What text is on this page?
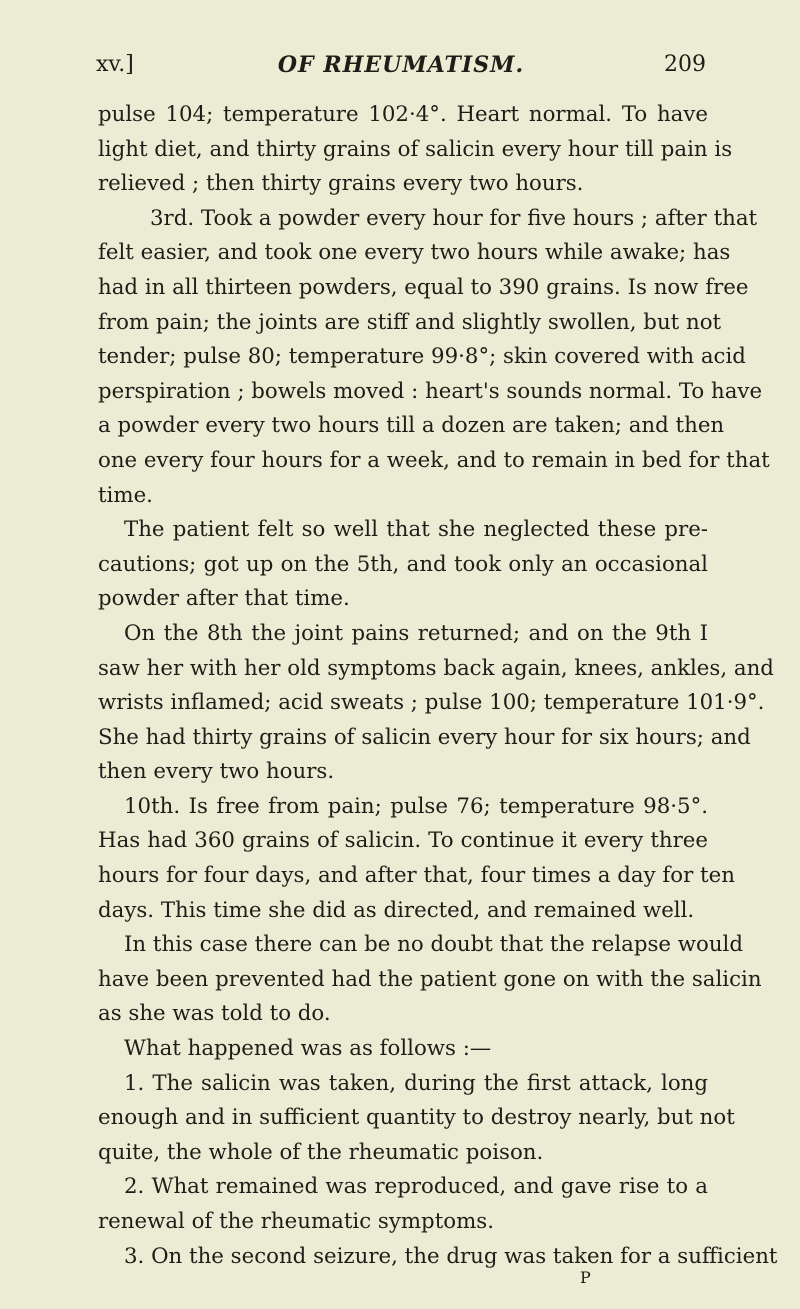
xv.]	OF RHEUMATISM.	209
pulse 104; temperature 102·4°. Heart normal. To have
light diet, and thirty grains of salicin every hour till pain is
relieved ; then thirty grains every two hours.
3rd. Took a powder every hour for five hours ; after that
felt easier, and took one every two hours while awake; has
had in all thirteen powders, equal to 390 grains. Is now free
from pain; the joints are stiff and slightly swollen, but not
tender; pulse 80; temperature 99·8°; skin covered with acid
perspiration ; bowels moved : heart's sounds normal. To have
a powder every two hours till a dozen are taken; and then
one every four hours for a week, and to remain in bed for that
time.
The patient felt so well that she neglected these pre-
cautions; got up on the 5th, and took only an occasional
powder after that time.
On the 8th the joint pains returned; and on the 9th I
saw her with her old symptoms back again, knees, ankles, and
wrists inflamed; acid sweats ; pulse 100; temperature 101·9°.
She had thirty grains of salicin every hour for six hours; and
then every two hours.
10th. Is free from pain; pulse 76; temperature 98·5°.
Has had 360 grains of salicin. To continue it every three
hours for four days, and after that, four times a day for ten
days. This time she did as directed, and remained well.
In this case there can be no doubt that the relapse would
have been prevented had the patient gone on with the salicin
as she was told to do.
What happened was as follows :—
1. The salicin was taken, during the first attack, long
enough and in sufficient quantity to destroy nearly, but not
quite, the whole of the rheumatic poison.
2. What remained was reproduced, and gave rise to a
renewal of the rheumatic symptoms.
3. On the second seizure, the drug was taken for a sufficient
P
